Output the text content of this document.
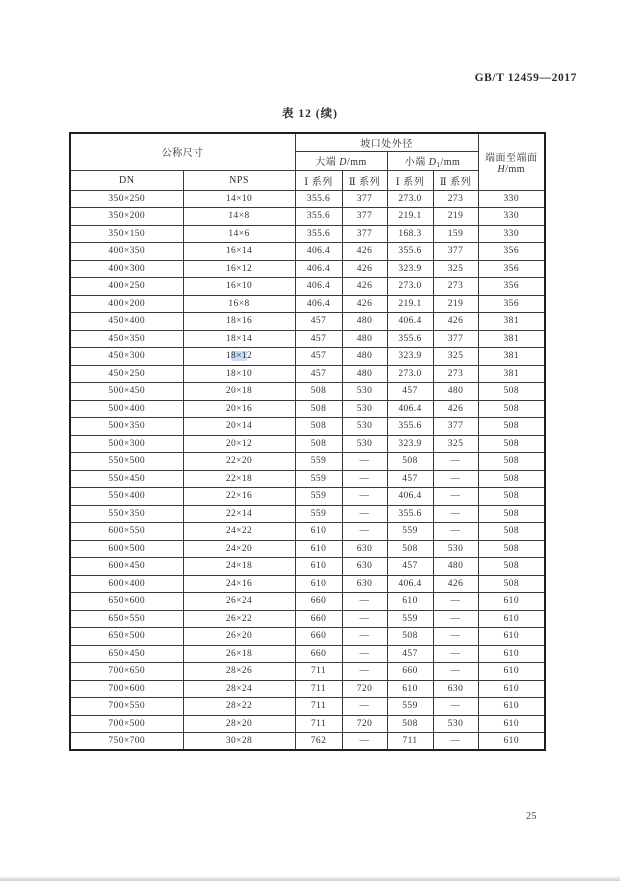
GB/T 12459—2017
表 12 (续)
公称尺寸		坡口处外径				端面至端面
H/mm
		大端 D/mm		小端 $D_1/mm$		
DN	NPS	Ⅰ 系列	Ⅱ 系列	Ⅰ 系列	Ⅱ 系列	
350×250	14×10	355.6	377	273.0	273	330
350×200	14×8	355.6	377	219.1	219	330
350×150	14×6	355.6	377	168.3	159	330
400×350	16×14	406.4	426	355.6	377	356
400×300	16×12	406.4	426	323.9	325	356
400×250	16×10	406.4	426	273.0	273	356
400×200	16×8	406.4	426	219.1	219	356
450×400	18×16	457	480	406.4	426	381
450×350	18×14	457	480	355.6	377	381
450×300	18×12	457	480	323.9	325	381
450×250	18×10	457	480	273.0	273	381
500×450	20×18	508	530	457	480	508
500×400	20×16	508	530	406.4	426	508
500×350	20×14	508	530	355.6	377	508
500×300	20×12	508	530	323.9	325	508
550×500	22×20	559	—	508	—	508
550×450	22×18	559	—	457	—	508
550×400	22×16	559	—	406.4	—	508
550×350	22×14	559	—	355.6	—	508
600×550	24×22	610	—	559	—	508
600×500	24×20	610	630	508	530	508
600×450	24×18	610	630	457	480	508
600×400	24×16	610	630	406.4	426	508
650×600	26×24	660	—	610	—	610
650×550	26×22	660	—	559	—	610
650×500	26×20	660	—	508	—	610
650×450	26×18	660	—	457	—	610
700×650	28×26	711	—	660	—	610
700×600	28×24	711	720	610	630	610
700×550	28×22	711	—	559	—	610
700×500	28×20	711	720	508	530	610
750×700	30×28	762	—	711	—	610
25
